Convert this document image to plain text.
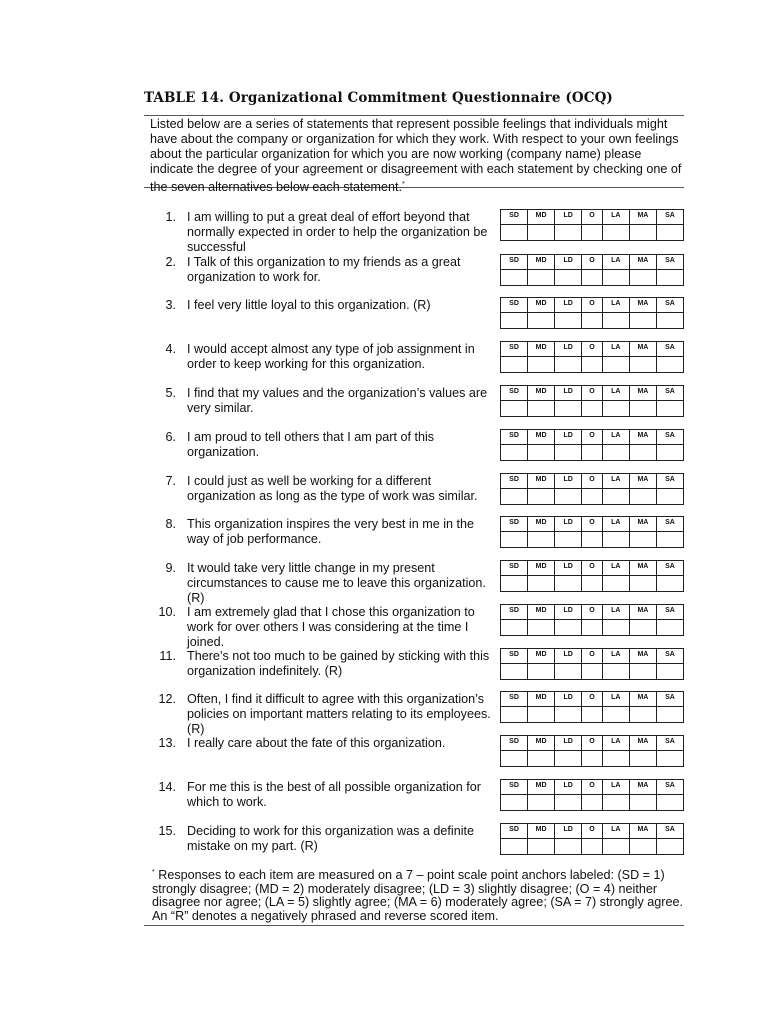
TABLE 14. Organizational Commitment Questionnaire (OCQ)
Listed below are a series of statements that represent possible feelings that individuals might have about the company or organization for which they work. With respect to your own feelings about the particular organization for which you are now working (company name) please indicate the degree of your agreement or disagreement with each statement by checking one of the seven alternatives below each statement.*
1. I am willing to put a great deal of effort beyond that normally expected in order to help the organization be successful
SD	MD	LD	O	LA	MA	SA
2. I Talk of this organization to my friends as a great organization to work for.
SD	MD	LD	O	LA	MA	SA
3. I feel very little loyal to this organization. (R)	SD	MD	LD	O	LA	MA	SA
4. I would accept almost any type of job assignment in order to keep working for this organization.
SD	MD	LD	O	LA	MA	SA
5. I find that my values and the organization’s values are very similar.
SD	MD	LD	O	LA	MA	SA
6. I am proud to tell others that I am part of this organization.
SD	MD	LD	O	LA	MA	SA
7. I could just as well be working for a different organization as long as the type of work was similar.
SD	MD	LD	O	LA	MA	SA
8. This organization inspires the very best in me in the way of job performance.
SD	MD	LD	O	LA	MA	SA
9. It would take very little change in my present circumstances to cause me to leave this organization. (R)
SD	MD	LD	O	LA	MA	SA
10. I am extremely glad that I chose this organization to work for over others I was considering at the time I joined.
SD	MD	LD	O	LA	MA	SA
11. There’s not too much to be gained by sticking with this organization indefinitely. (R)
SD	MD	LD	O	LA	MA	SA
12. Often, I find it difficult to agree with this organization’s policies on important matters relating to its employees. (R)
SD	MD	LD	O	LA	MA	SA
13. I really care about the fate of this organization.	SD	MD	LD	O	LA	MA	SA
14. For me this is the best of all possible organization for which to work.
SD	MD	LD	O	LA	MA	SA
15. Deciding to work for this organization was a definite mistake on my part. (R)
SD	MD	LD	O	LA	MA	SA
* Responses to each item are measured on a 7 – point scale point anchors labeled: (SD = 1) strongly disagree; (MD = 2) moderately disagree; (LD = 3) slightly disagree; (O = 4) neither disagree nor agree; (LA = 5) slightly agree; (MA = 6) moderately agree; (SA = 7) strongly agree. An “R” denotes a negatively phrased and reverse scored item.
